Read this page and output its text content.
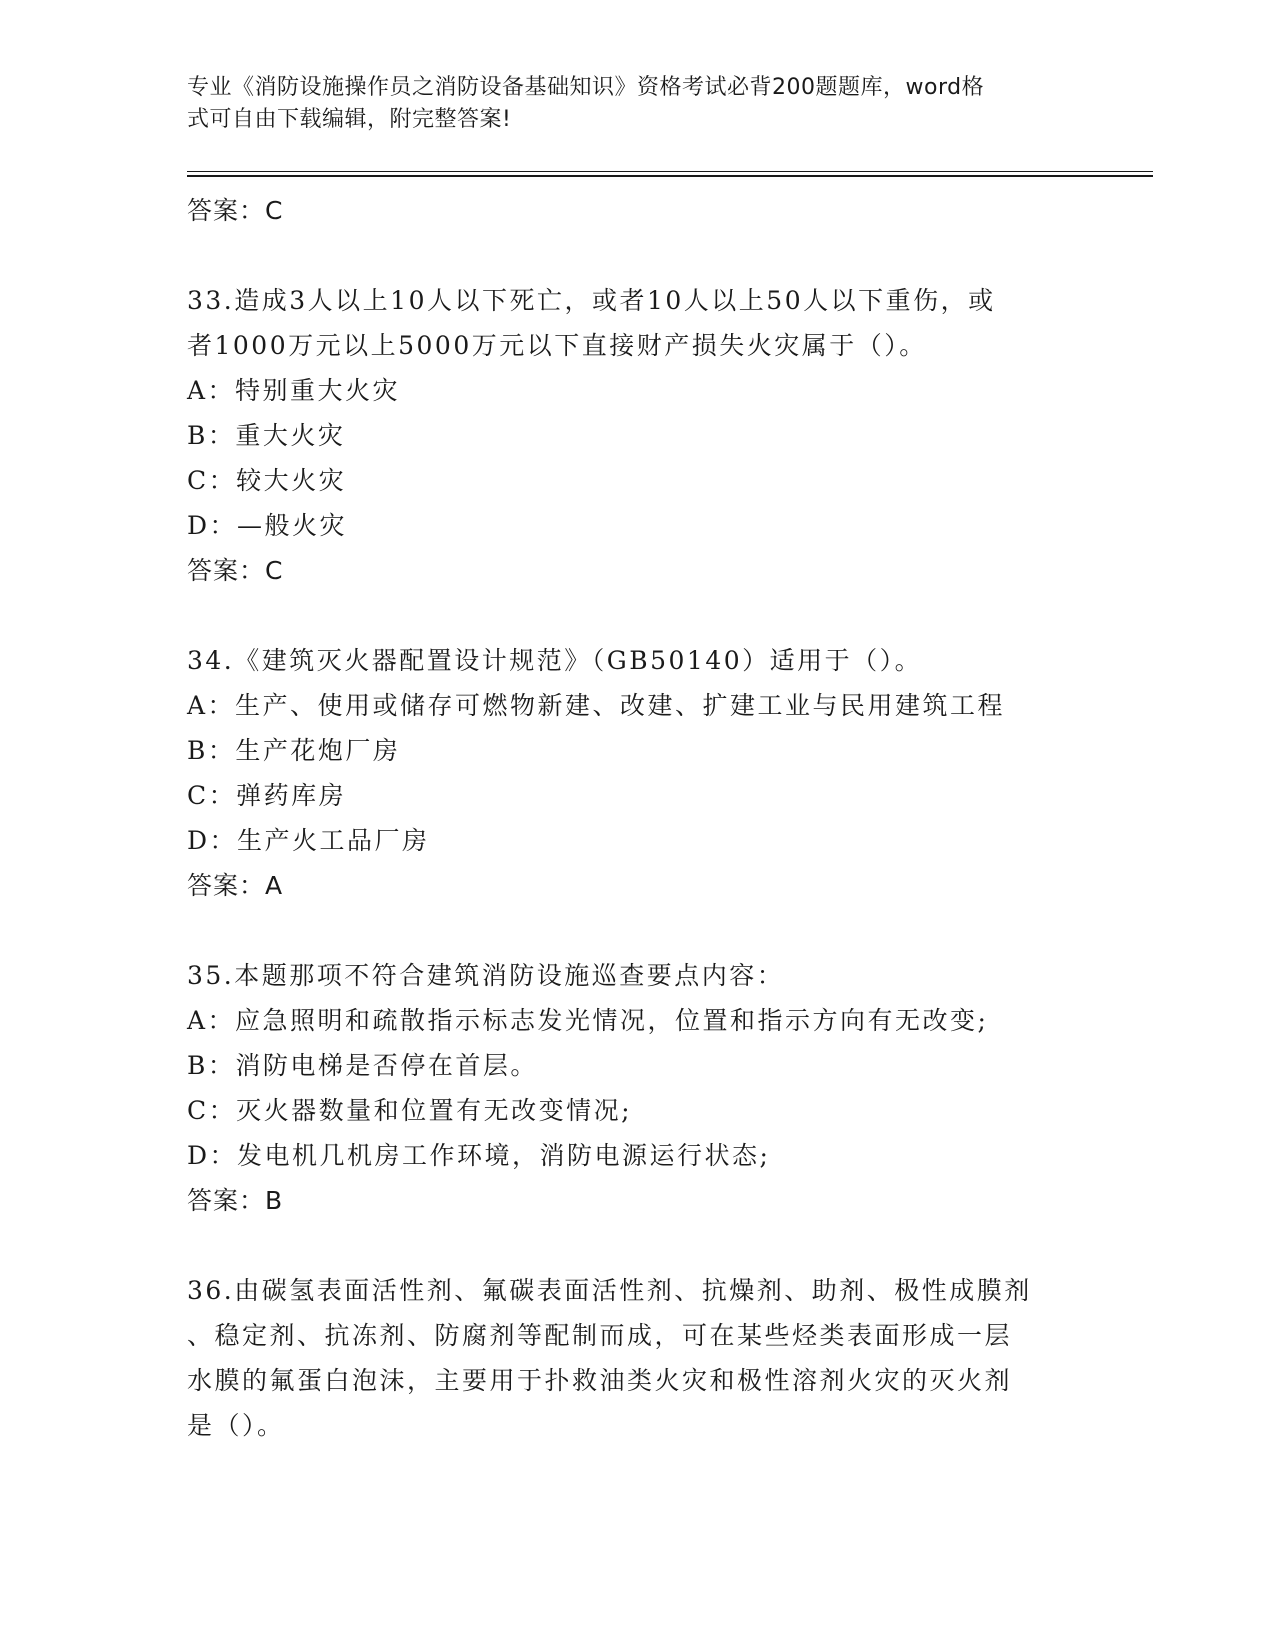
专业《消防设施操作员之消防设备基础知识》资格考试必背200题题库，word格
式可自由下载编辑，附完整答案!
答案：C
33.造成3人以上10人以下死亡，或者10人以上50人以下重伤，或
者1000万元以上5000万元以下直接财产损失火灾属于（）。
A：特别重大火灾
B：重大火灾
C：较大火灾
D：—般火灾
答案：C
34.《建筑灭火器配置设计规范》（GB50140）适用于（）。
A：生产、使用或储存可燃物新建、改建、扩建工业与民用建筑工程
B：生产花炮厂房
C：弹药库房
D：生产火工品厂房
答案：A
35.本题那项不符合建筑消防设施巡查要点内容：
A：应急照明和疏散指示标志发光情况，位置和指示方向有无改变;
B：消防电梯是否停在首层。
C：灭火器数量和位置有无改变情况;
D：发电机几机房工作环境，消防电源运行状态;
答案：B
36.由碳氢表面活性剂、氟碳表面活性剂、抗燥剂、助剂、极性成膜剂
、稳定剂、抗冻剂、防腐剂等配制而成，可在某些烃类表面形成一层
水膜的氟蛋白泡沫，主要用于扑救油类火灾和极性溶剂火灾的灭火剂
是（）。
